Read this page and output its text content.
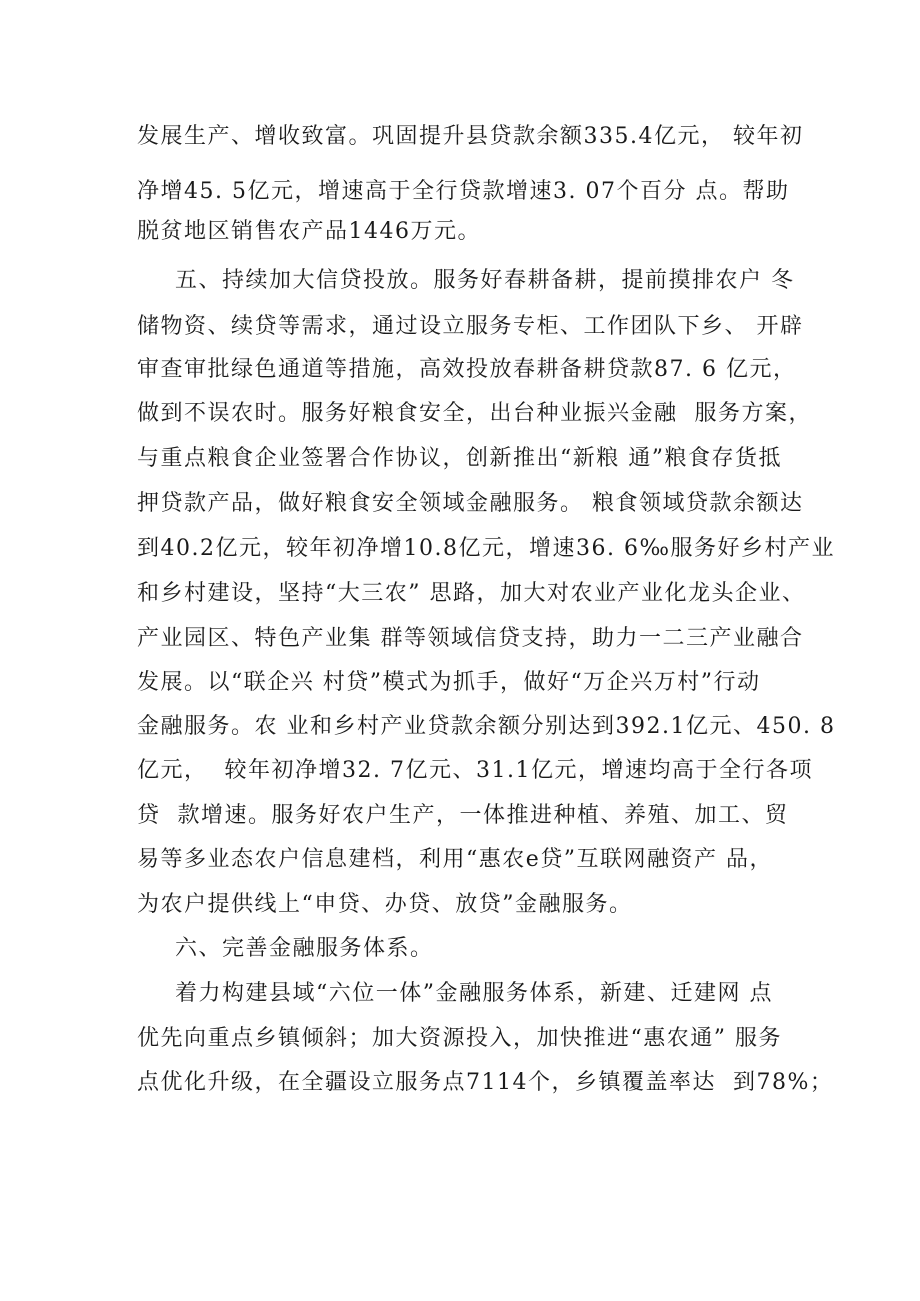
发展生产、增收致富。巩固提升县贷款余额335.4亿元， 较年初
净增45. 5亿元，增速高于全行贷款增速3. 07个百分 点。帮助
脱贫地区销售农产品1446万元。
五、持续加大信贷投放。服务好春耕备耕，提前摸排农户 冬
储物资、续贷等需求，通过设立服务专柜、工作团队下乡、 开辟
审查审批绿色通道等措施，高效投放春耕备耕贷款87. 6 亿元，
做到不误农时。服务好粮食安全，出台种业振兴金融  服务方案，
与重点粮食企业签署合作协议，创新推出“新粮 通”粮食存货抵
押贷款产品，做好粮食安全领域金融服务。 粮食领域贷款余额达
到40.2亿元，较年初净增10.8亿元，增速36. 6‰服务好乡村产业
和乡村建设，坚持“大三农” 思路，加大对农业产业化龙头企业、
产业园区、特色产业集 群等领域信贷支持，助力一二三产业融合
发展。以“联企兴 村贷”模式为抓手，做好“万企兴万村”行动
金融服务。农 业和乡村产业贷款余额分别达到392.1亿元、450. 8
亿元，  较年初净增32. 7亿元、31.1亿元，增速均高于全行各项
贷  款增速。服务好农户生产，一体推进种植、养殖、加工、贸
易等多业态农户信息建档，利用“惠农e贷”互联网融资产 品，
为农户提供线上“申贷、办贷、放贷”金融服务。
六、完善金融服务体系。
着力构建县域“六位一体”金融服务体系，新建、迁建网 点
优先向重点乡镇倾斜；加大资源投入，加快推进“惠农通” 服务
点优化升级，在全疆设立服务点7114个，乡镇覆盖率达  到78%；
